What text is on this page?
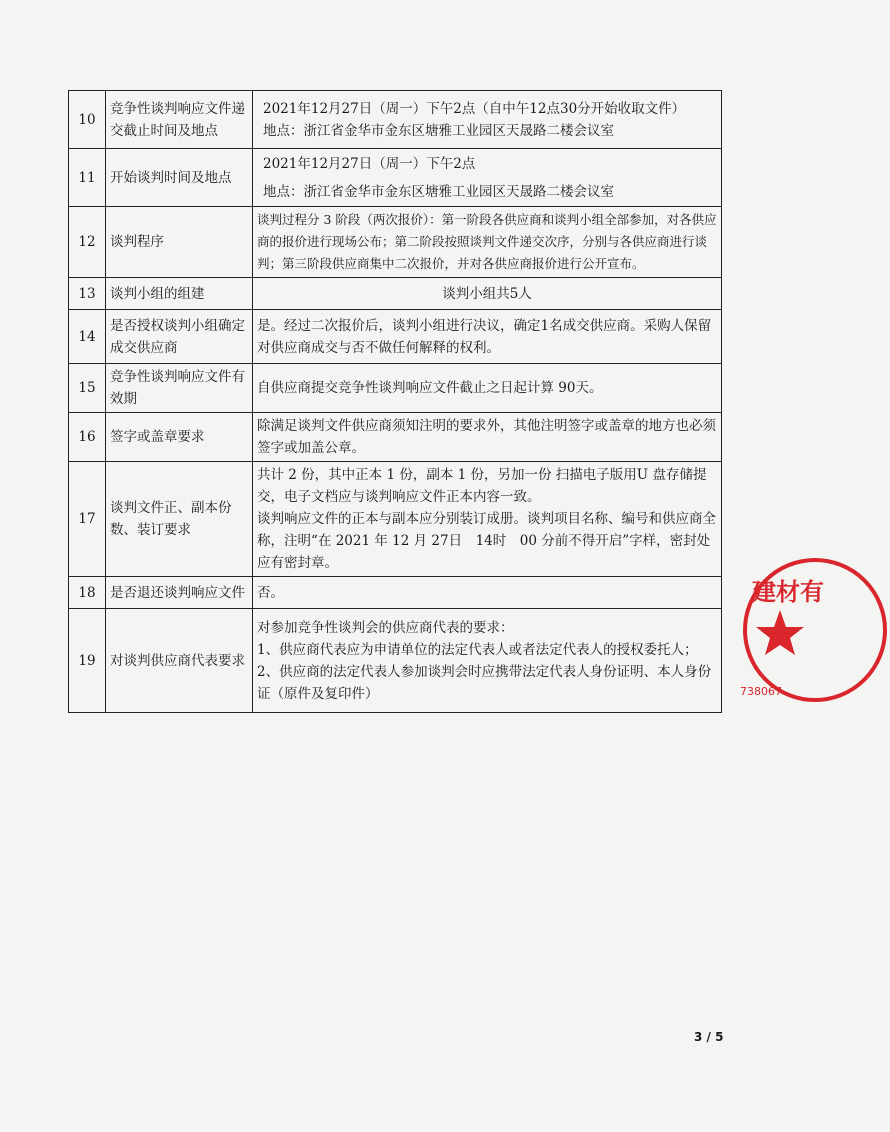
10	竞争性谈判响应文件递交截止时间及地点	2021年12月27日（周一）下午2点（自中午12点30分开始收取文件）
地点：浙江省金华市金东区塘雅工业园区天晟路二楼会议室

11	开始谈判时间及地点	2021年12月27日（周一）下午2点
地点：浙江省金华市金东区塘雅工业园区天晟路二楼会议室

12	谈判程序	谈判过程分 3 阶段（两次报价）：第一阶段各供应商和谈判小组全部参加，对各供应商的报价进行现场公布；第二阶段按照谈判文件递交次序，分别与各供应商进行谈判；第三阶段供应商集中二次报价，并对各供应商报价进行公开宣布。
13	谈判小组的组建	谈判小组共5人
14	是否授权谈判小组确定成交供应商	是。经过二次报价后，谈判小组进行决议，确定1名成交供应商。采购人保留对供应商成交与否不做任何解释的权利。
15	竞争性谈判响应文件有效期	自供应商提交竞争性谈判响应文件截止之日起计算 90天。
16	签字或盖章要求	除满足谈判文件供应商须知注明的要求外，其他注明签字或盖章的地方也必须签字或加盖公章。
17	谈判文件正、副本份数、装订要求	共计 2 份，其中正本 1 份，副本 1 份，另加一份 扫描电子版用U 盘存储提交，电子文档应与谈判响应文件正本内容一致。
谈判响应文件的正本与副本应分别装订成册。谈判项目名称、编号和供应商全称，注明“在 2021 年 12 月 27日　14时　00 分前不得开启”字样，密封处应有密封章。

18	是否退还谈判响应文件	否。
19	对谈判供应商代表要求	对参加竞争性谈判会的供应商代表的要求：
1、供应商代表应为申请单位的法定代表人或者法定代表人的授权委托人；
2、供应商的法定代表人参加谈判会时应携带法定代表人身份证明、本人身份证（原件及复印件）
建材有
738067
3 / 5
